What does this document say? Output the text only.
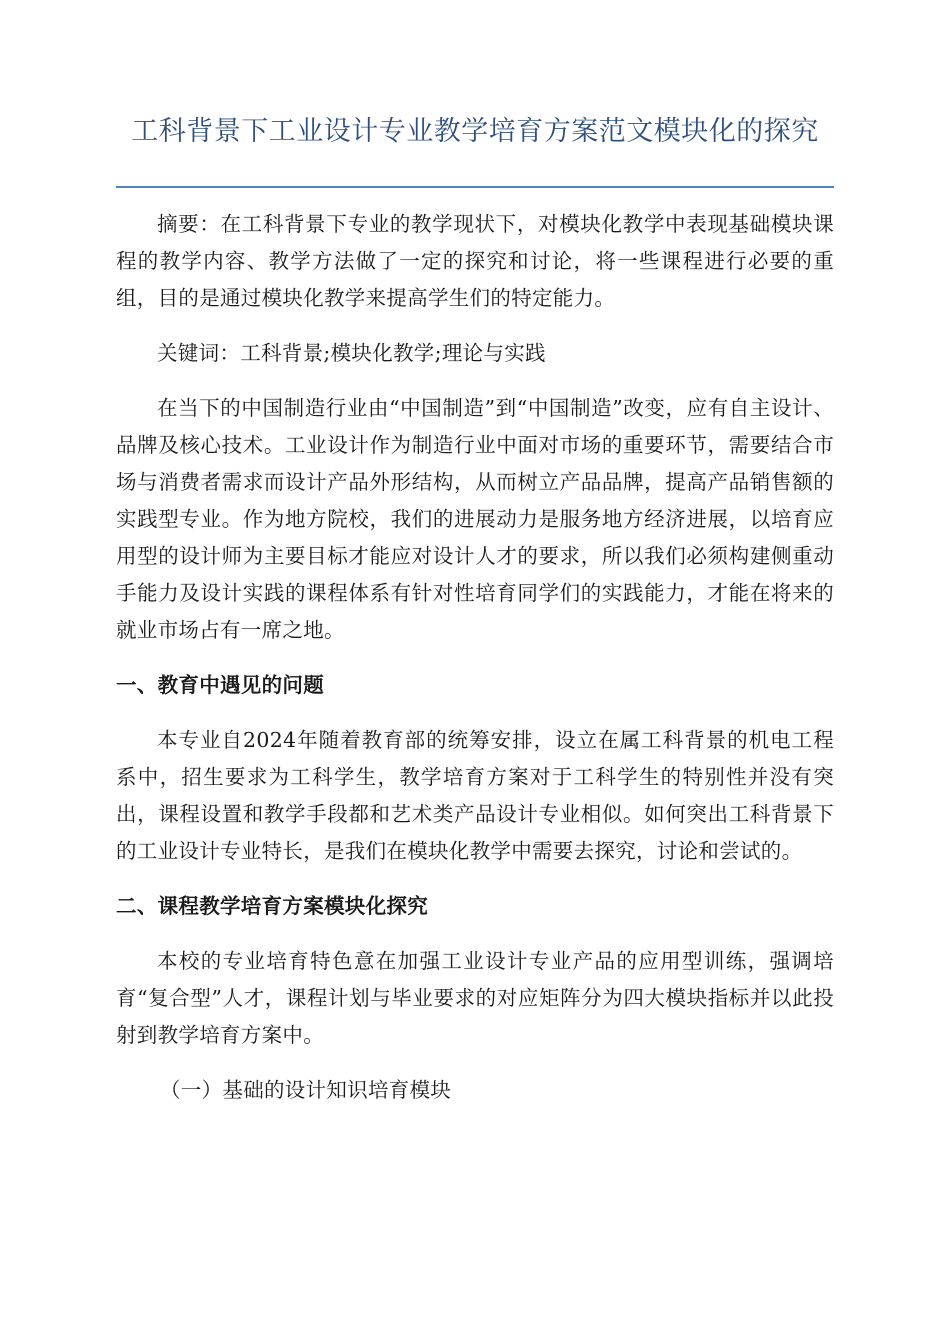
工科背景下工业设计专业教学培育方案范文模块化的探究

摘要：在工科背景下专业的教学现状下，对模块化教学中表现基础模块课程的教学内容、教学方法做了一定的探究和讨论，将一些课程进行必要的重组，目的是通过模块化教学来提高学生们的特定能力。

关键词：工科背景;模块化教学;理论与实践

在当下的中国制造行业由“中国制造”到“中国制造”改变，应有自主设计、品牌及核心技术。工业设计作为制造行业中面对市场的重要环节，需要结合市场与消费者需求而设计产品外形结构，从而树立产品品牌，提高产品销售额的实践型专业。作为地方院校，我们的进展动力是服务地方经济进展，以培育应用型的设计师为主要目标才能应对设计人才的要求，所以我们必须构建侧重动手能力及设计实践的课程体系有针对性培育同学们的实践能力，才能在将来的就业市场占有一席之地。

一、教育中遇见的问题

本专业自2024年随着教育部的统筹安排，设立在属工科背景的机电工程系中，招生要求为工科学生，教学培育方案对于工科学生的特别性并没有突出，课程设置和教学手段都和艺术类产品设计专业相似。如何突出工科背景下的工业设计专业特长，是我们在模块化教学中需要去探究，讨论和尝试的。

二、课程教学培育方案模块化探究

本校的专业培育特色意在加强工业设计专业产品的应用型训练，强调培育“复合型”人才，课程计划与毕业要求的对应矩阵分为四大模块指标并以此投射到教学培育方案中。

（一）基础的设计知识培育模块
